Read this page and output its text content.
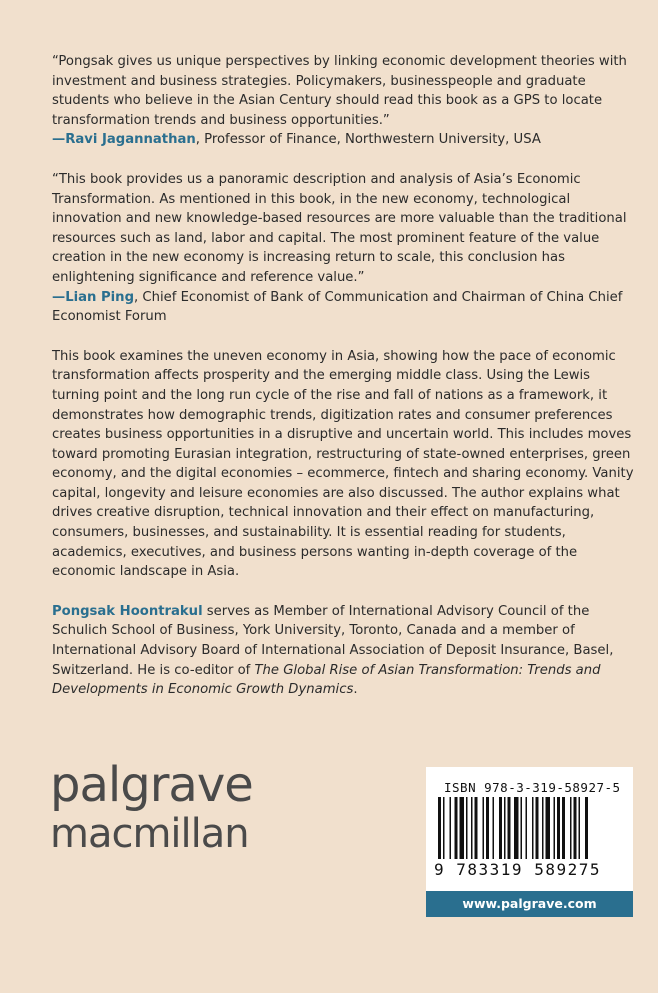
“Pongsak gives us unique perspectives by linking economic development theories with investment and business strategies. Policymakers, businesspeople and graduate students who believe in the Asian Century should read this book as a GPS to locate transformation trends and business opportunities.”
—Ravi Jagannathan, Professor of Finance, Northwestern University, USA

“This book provides us a panoramic description and analysis of Asia’s Economic Transformation. As mentioned in this book, in the new economy, technological innovation and new knowledge-based resources are more valuable than the traditional resources such as land, labor and capital. The most prominent feature of the value creation in the new economy is increasing return to scale, this conclusion has enlightening significance and reference value.”
—Lian Ping, Chief Economist of Bank of Communication and Chairman of China Chief Economist Forum

This book examines the uneven economy in Asia, showing how the pace of economic transformation affects prosperity and the emerging middle class. Using the Lewis turning point and the long run cycle of the rise and fall of nations as a framework, it demonstrates how demographic trends, digitization rates and consumer preferences creates business opportunities in a disruptive and uncertain world. This includes moves toward promoting Eurasian integration, restructuring of state-owned enterprises, green economy, and the digital economies – ecommerce, fintech and sharing economy. Vanity capital, longevity and leisure economies are also discussed. The author explains what drives creative disruption, technical innovation and their effect on manufacturing, consumers, businesses, and sustainability. It is essential reading for students, academics, executives, and business persons wanting in-depth coverage of the economic landscape in Asia.

Pongsak Hoontrakul serves as Member of International Advisory Council of the Schulich School of Business, York University, Toronto, Canada and a member of International Advisory Board of International Association of Deposit Insurance, Basel, Switzerland. He is co-editor of The Global Rise of Asian Transformation: Trends and Developments in Economic Growth Dynamics.

palgrave
macmillan
ISBN 978-3-319-58927-5
9 783319 589275
www.palgrave.com
